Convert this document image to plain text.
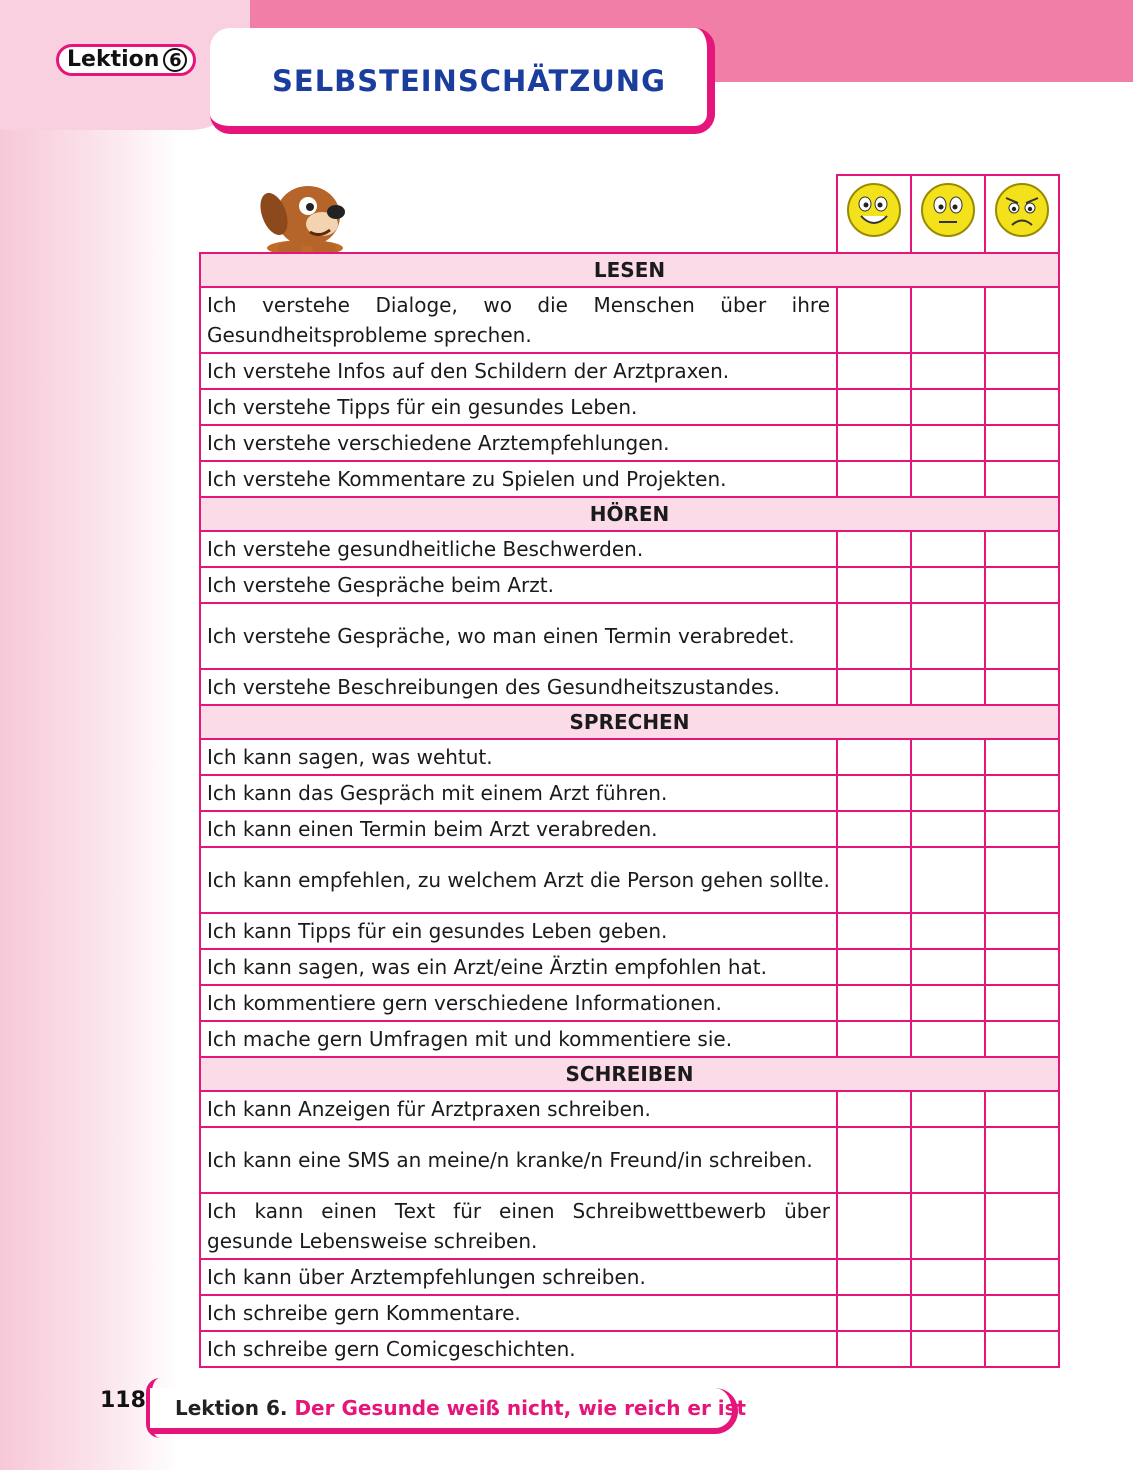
Lektion 6
SELBSTEINSCHÄTZUNG

LESEN			
Ich verstehe Dialoge, wo die Menschen über ihre Gesundheitsprobleme sprechen.			
Ich verstehe Infos auf den Schildern der Arztpraxen.			
Ich verstehe Tipps für ein gesundes Leben.			
Ich verstehe verschiedene Arztempfehlungen.			
Ich verstehe Kommentare zu Spielen und Projekten.			
HÖREN			
Ich verstehe gesundheitliche Beschwerden.			
Ich verstehe Gespräche beim Arzt.			
Ich verstehe Gespräche, wo man einen Termin verabredet.			
Ich verstehe Beschreibungen des Gesundheitszustandes.			
SPRECHEN			
Ich kann sagen, was wehtut.			
Ich kann das Gespräch mit einem Arzt führen.			
Ich kann einen Termin beim Arzt verabreden.			
Ich kann empfehlen, zu welchem Arzt die Person gehen sollte.			
Ich kann Tipps für ein gesundes Leben geben.			
Ich kann sagen, was ein Arzt/eine Ärztin empfohlen hat.			
Ich kommentiere gern verschiedene Informationen.			
Ich mache gern Umfragen mit und kommentiere sie.			
SCHREIBEN			
Ich kann Anzeigen für Arztpraxen schreiben.			
Ich kann eine SMS an meine/n kranke/n Freund/in schreiben.			
Ich kann einen Text für einen Schreibwettbewerb über gesunde Lebensweise schreiben.			
Ich kann über Arztempfehlungen schreiben.			
Ich schreibe gern Kommentare.			
Ich schreibe gern Comicgeschichten.			
118 Lektion 6. Der Gesunde weiß nicht, wie reich er ist
